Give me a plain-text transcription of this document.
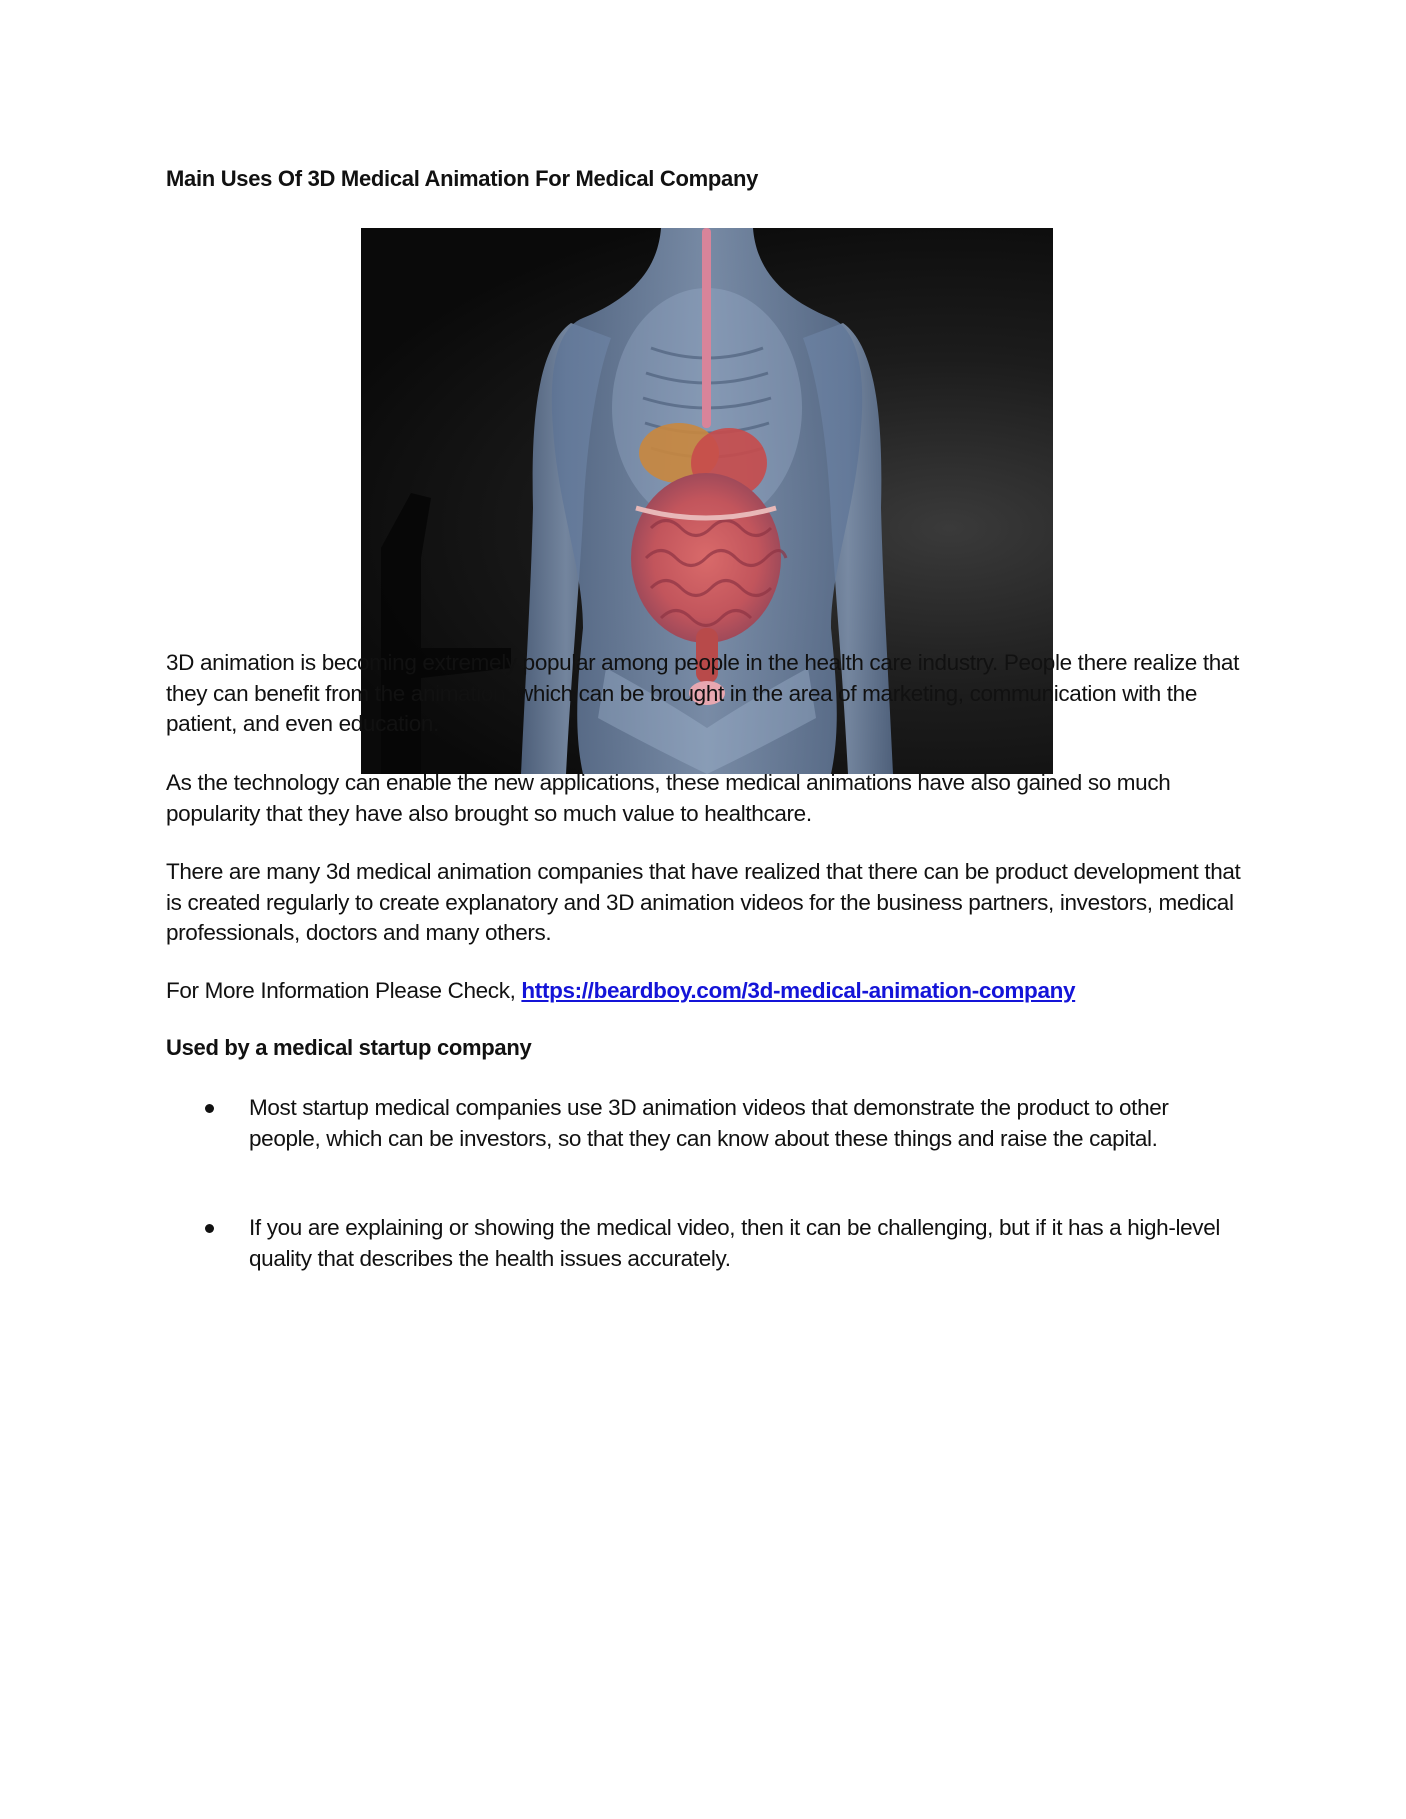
Main Uses Of 3D Medical Animation For Medical Company

3D animation is becoming extremely popular among people in the health care industry. People there realize that they can benefit from the animation, which can be brought in the area of marketing, communication with the patient, and even education.

As the technology can enable the new applications, these medical animations have also gained so much popularity that they have also brought so much value to healthcare.

There are many 3d medical animation companies that have realized that there can be product development that is created regularly to create explanatory and 3D animation videos for the business partners, investors, medical professionals, doctors and many others.

For More Information Please Check, https://beardboy.com/3d-medical-animation-company

Used by a medical startup company
Most startup medical companies use 3D animation videos that demonstrate the product to other people, which can be investors, so that they can know about these things and raise the capital.
If you are explaining or showing the medical video, then it can be challenging, but if it has a high-level quality that describes the health issues accurately.
